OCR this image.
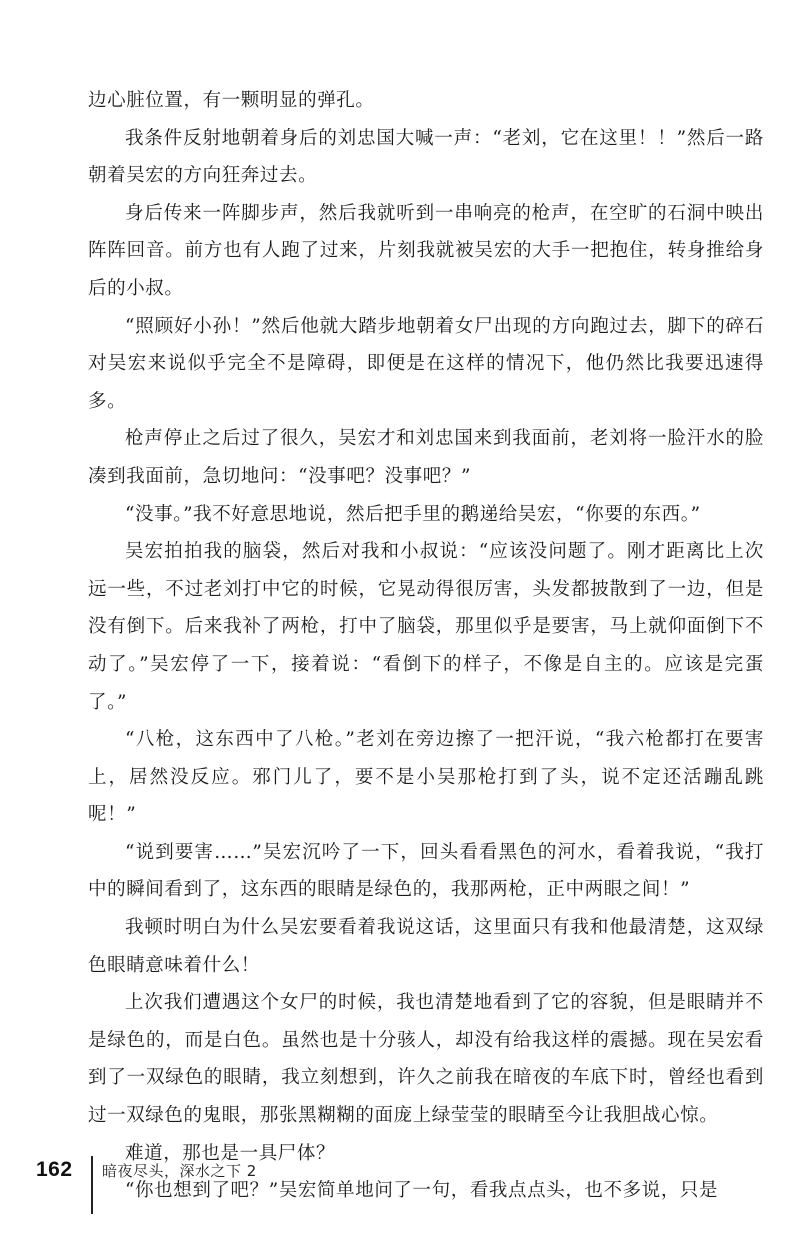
边心脏位置，有一颗明显的弹孔。

我条件反射地朝着身后的刘忠国大喊一声：“老刘，它在这里！！”然后一路朝着吴宏的方向狂奔过去。

身后传来一阵脚步声，然后我就听到一串响亮的枪声，在空旷的石洞中映出阵阵回音。前方也有人跑了过来，片刻我就被吴宏的大手一把抱住，转身推给身后的小叔。

“照顾好小孙！”然后他就大踏步地朝着女尸出现的方向跑过去，脚下的碎石对吴宏来说似乎完全不是障碍，即便是在这样的情况下，他仍然比我要迅速得多。

枪声停止之后过了很久，吴宏才和刘忠国来到我面前，老刘将一脸汗水的脸凑到我面前，急切地问：“没事吧？没事吧？”

“没事。”我不好意思地说，然后把手里的鹅递给吴宏，“你要的东西。”

吴宏拍拍我的脑袋，然后对我和小叔说：“应该没问题了。刚才距离比上次远一些，不过老刘打中它的时候，它晃动得很厉害，头发都披散到了一边，但是没有倒下。后来我补了两枪，打中了脑袋，那里似乎是要害，马上就仰面倒下不动了。”吴宏停了一下，接着说：“看倒下的样子，不像是自主的。应该是完蛋了。”

“八枪，这东西中了八枪。”老刘在旁边擦了一把汗说，“我六枪都打在要害上，居然没反应。邪门儿了，要不是小吴那枪打到了头，说不定还活蹦乱跳呢！”

“说到要害……”吴宏沉吟了一下，回头看看黑色的河水，看着我说，“我打中的瞬间看到了，这东西的眼睛是绿色的，我那两枪，正中两眼之间！”

我顿时明白为什么吴宏要看着我说这话，这里面只有我和他最清楚，这双绿色眼睛意味着什么！

上次我们遭遇这个女尸的时候，我也清楚地看到了它的容貌，但是眼睛并不是绿色的，而是白色。虽然也是十分骇人，却没有给我这样的震撼。现在吴宏看到了一双绿色的眼睛，我立刻想到，许久之前我在暗夜的车底下时，曾经也看到过一双绿色的鬼眼，那张黑糊糊的面庞上绿莹莹的眼睛至今让我胆战心惊。

难道，那也是一具尸体？

“你也想到了吧？”吴宏简单地问了一句，看我点点头，也不多说，只是

162 暗夜尽头，深水之下 2
